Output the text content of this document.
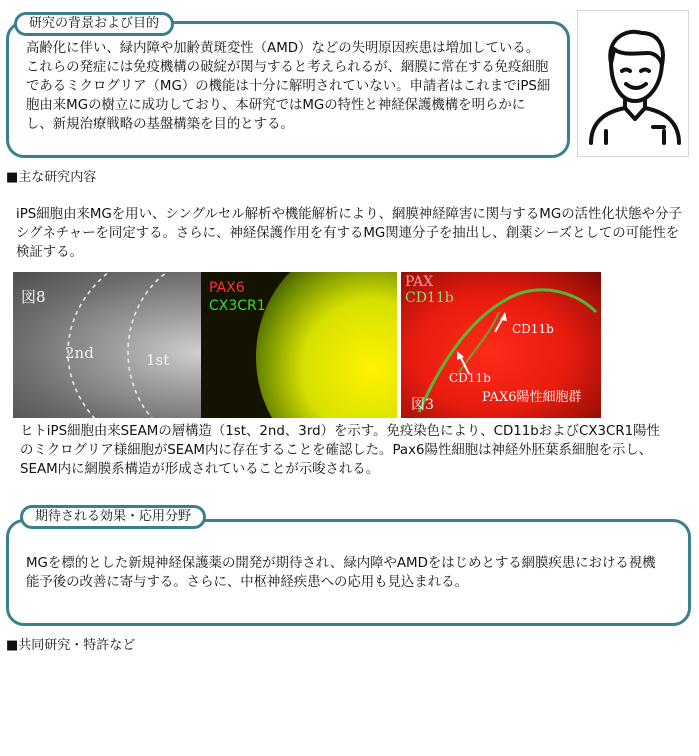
研究の背景および目的

高齢化に伴い、緑内障や加齢黄斑変性（AMD）などの失明原因疾患は増加している。これらの発症には免疫機構の破綻が関与すると考えられるが、網膜に常在する免疫細胞であるミクログリア（MG）の機能は十分に解明されていない。申請者はこれまでiPS細胞由来MGの樹立に成功しており、本研究ではMGの特性と神経保護機構を明らかにし、新規治療戦略の基盤構築を目的とする。

■主な研究内容

iPS細胞由来MGを用い、シングルセル解析や機能解析により、網膜神経障害に関与するMGの活性化状態や分子シグネチャーを同定する。さらに、神経保護作用を有するMG関連分子を抽出し、創薬シーズとしての可能性を検証する。

図8
2nd	1st
PAX6
CX3CR1
PAX
CD11b
CD11b
CD11b
図3	PAX6陽性細胞群

ヒトiPS細胞由来SEAMの層構造（1st、2nd、3rd）を示す。免疫染色により、CD11bおよびCX3CR1陽性のミクログリア様細胞がSEAM内に存在することを確認した。Pax6陽性細胞は神経外胚葉系細胞を示し、SEAM内に網膜系構造が形成されていることが示唆される。

期待される効果・応用分野

MGを標的とした新規神経保護薬の開発が期待され、緑内障やAMDをはじめとする網膜疾患における視機能予後の改善に寄与する。さらに、中枢神経疾患への応用も見込まれる。

■共同研究・特許など
